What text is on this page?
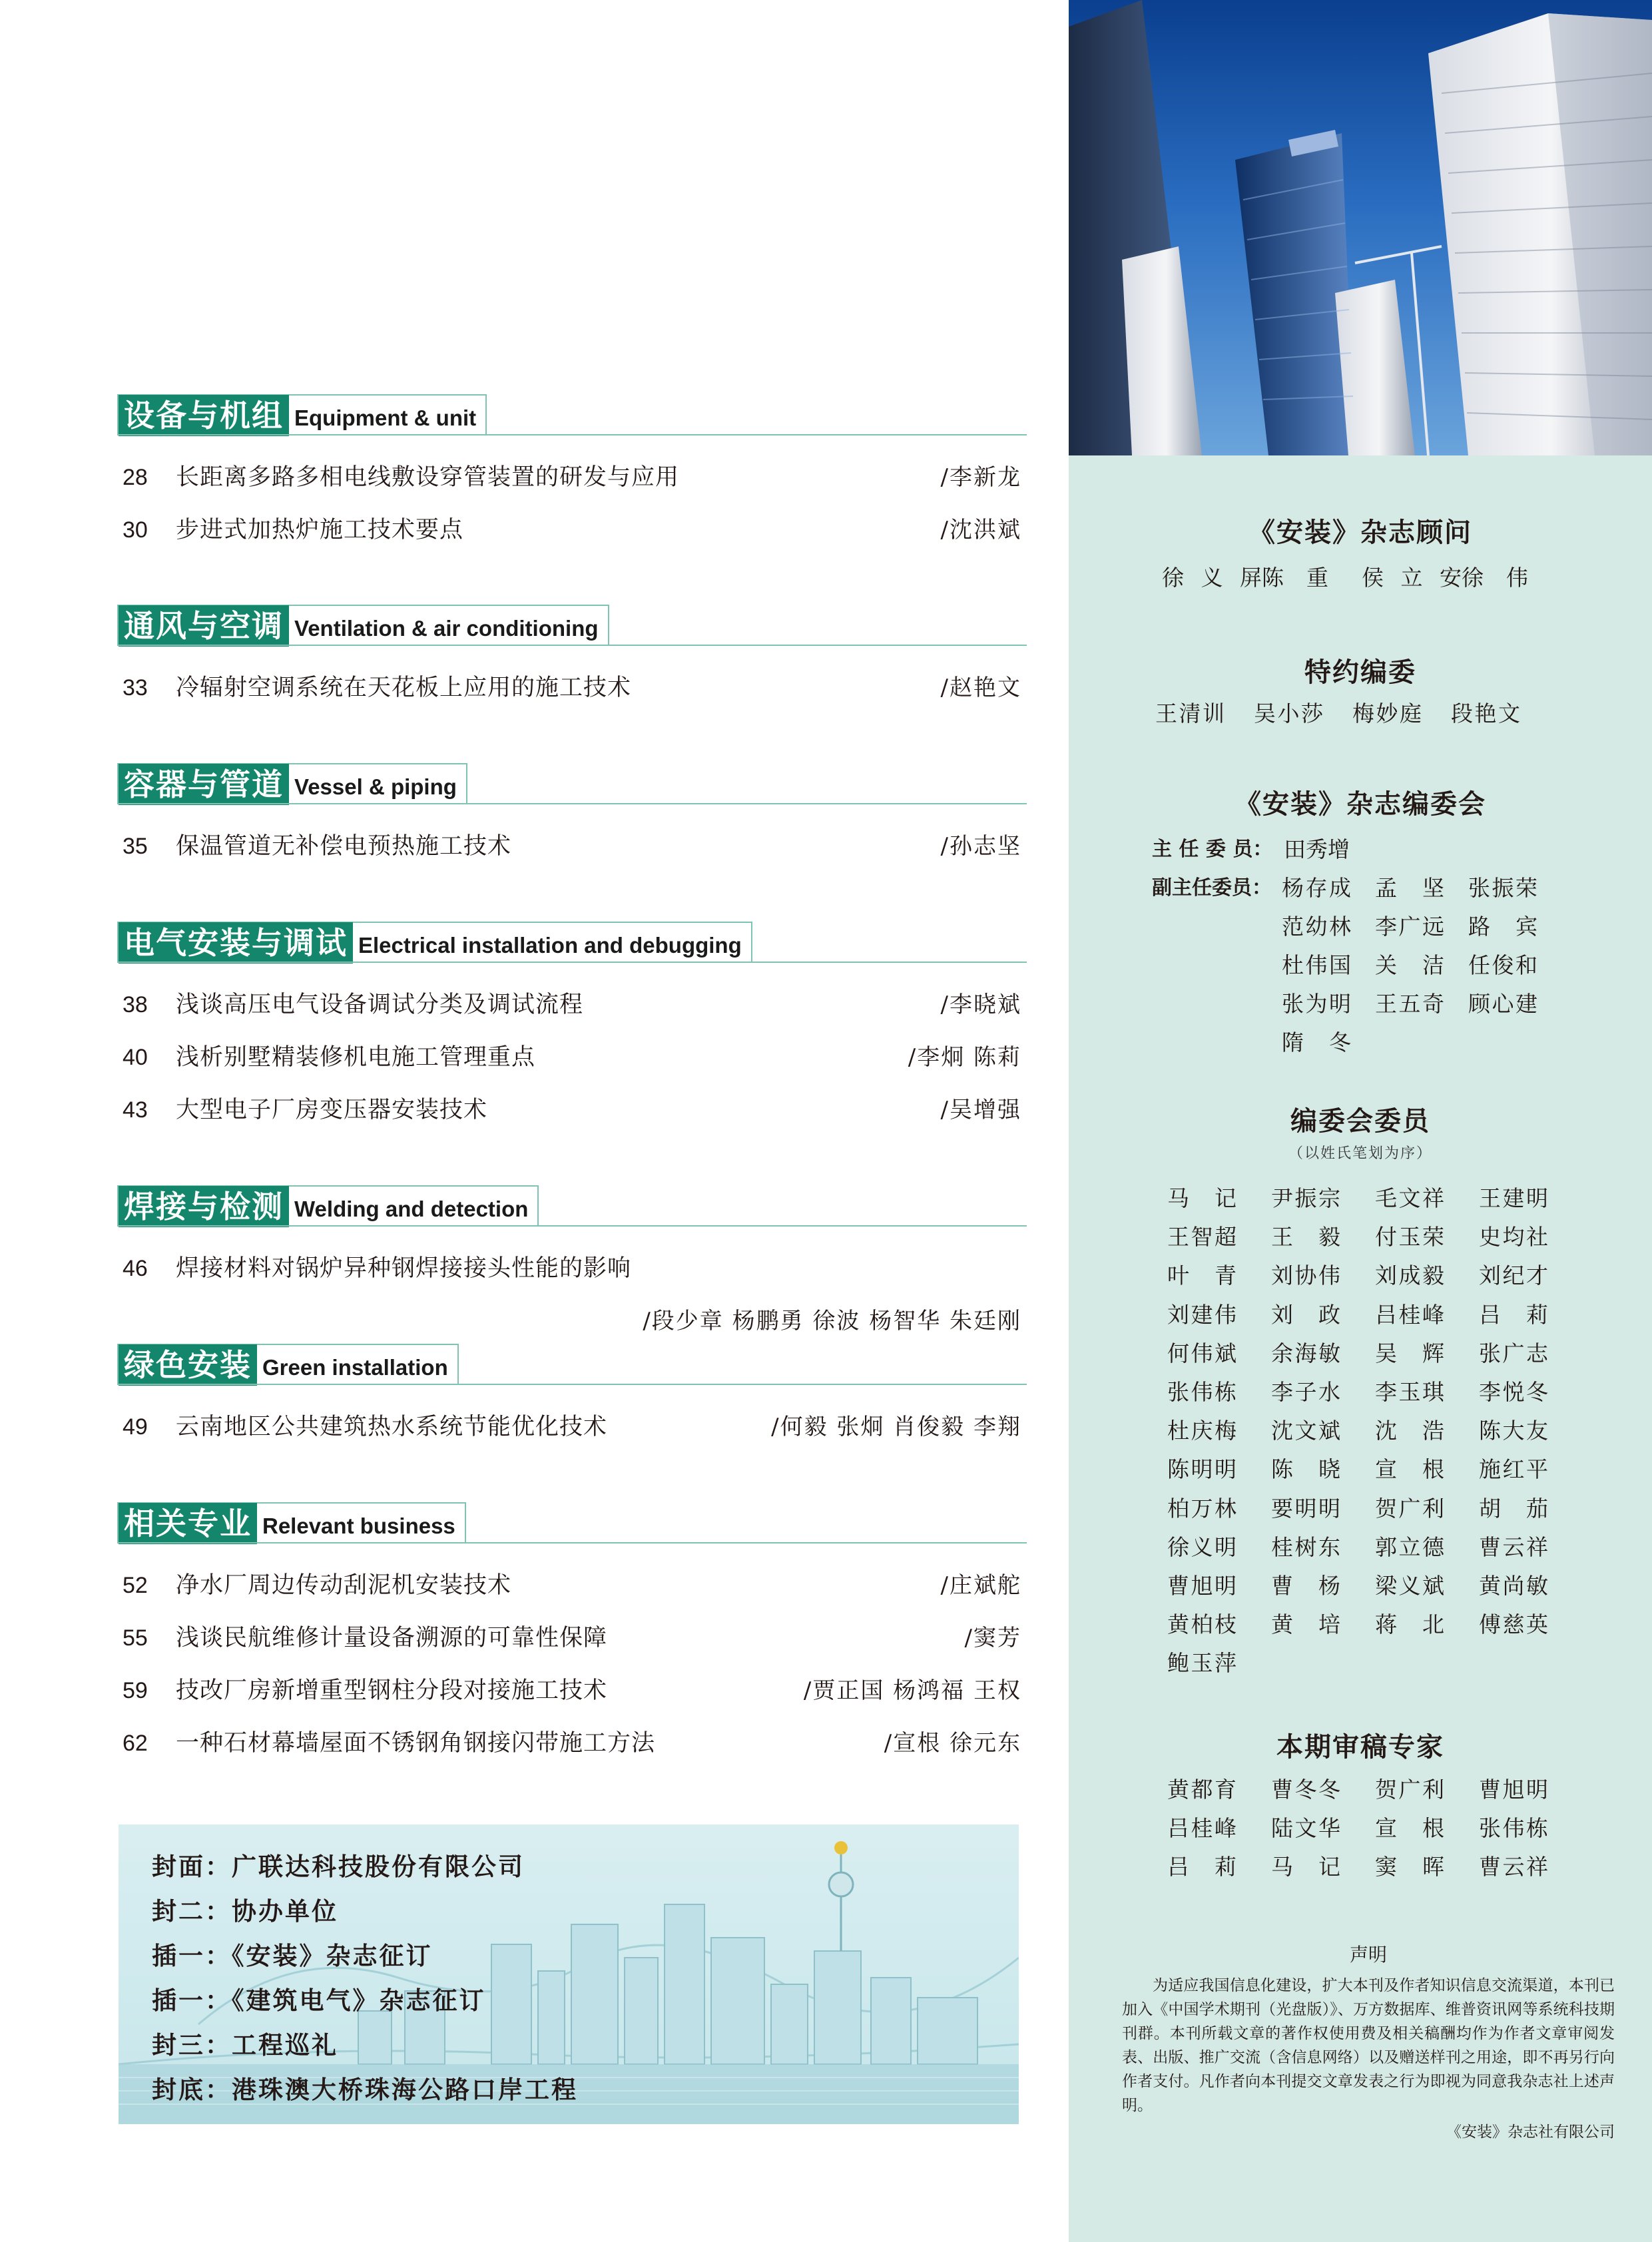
设备与机组 Equipment & unit
28 长距离多路多相电线敷设穿管装置的研发与应用	/李新龙
30 步进式加热炉施工技术要点	/沈洪斌
通风与空调 Ventilation & air conditioning
33 冷辐射空调系统在天花板上应用的施工技术	/赵艳文
容器与管道 Vessel & piping
35 保温管道无补偿电预热施工技术	/孙志坚
电气安装与调试 Electrical installation and debugging
38 浅谈高压电气设备调试分类及调试流程	/李晓斌
40 浅析别墅精装修机电施工管理重点	/李炯 陈莉
43 大型电子厂房变压器安装技术	/吴增强
焊接与检测 Welding and detection
46 焊接材料对锅炉异种钢焊接接头性能的影响
/段少章 杨鹏勇 徐波 杨智华 朱廷刚
绿色安装 Green installation
49 云南地区公共建筑热水系统节能优化技术	/何毅 张炯 肖俊毅 李翔
相关专业 Relevant business
52 净水厂周边传动刮泥机安装技术	/庄斌舵
55 浅谈民航维修计量设备溯源的可靠性保障	/窦芳
59 技改厂房新增重型钢柱分段对接施工技术	/贾正国 杨鸿福 王权
62 一种石材幕墙屋面不锈钢角钢接闪带施工方法	/宣根 徐元东
封面：广联达科技股份有限公司
封二：协办单位
插一：《安装》杂志征订
插一：《建筑电气》杂志征订
封三：工程巡礼
封底：港珠澳大桥珠海公路口岸工程
《安装》杂志顾问
徐义屏 陈　重 侯立安 徐　伟
特约编委
王清训 吴小莎 梅妙庭 段艳文
《安装》杂志编委会
主 任 委 员： 田秀增
副主任委员： 杨存成 孟　坚 张振荣
范幼林 李广远 路　宾
杜伟国 关　洁 任俊和
张为明 王五奇 顾心建
隋　冬
编委会委员
（以姓氏笔划为序）
马　记 尹振宗 毛文祥 王建明
王智超 王　毅 付玉荣 史均社
叶　青 刘协伟 刘成毅 刘纪才
刘建伟 刘　政 吕桂峰 吕　莉
何伟斌 余海敏 吴　辉 张广志
张伟栋 李子水 李玉琪 李悦冬
杜庆梅 沈文斌 沈　浩 陈大友
陈明明 陈　晓 宣　根 施红平
柏万林 要明明 贺广利 胡　茄
徐义明 桂树东 郭立德 曹云祥
曹旭明 曹　杨 梁义斌 黄尚敏
黄柏枝 黄　培 蒋　北 傅慈英
鲍玉萍
本期审稿专家
黄都育 曹冬冬 贺广利 曹旭明
吕桂峰 陆文华 宣　根 张伟栋
吕　莉 马　记 窦　晖 曹云祥
声明
为适应我国信息化建设，扩大本刊及作者知识信息交流渠道，本刊已加入《中国学术期刊（光盘版）》、万方数据库、维普资讯网等系统科技期刊群。本刊所载文章的著作权使用费及相关稿酬均作为作者文章审阅发表、出版、推广交流（含信息网络）以及赠送样刊之用途，即不再另行向作者支付。凡作者向本刊提交文章发表之行为即视为同意我杂志社上述声明。
《安装》杂志社有限公司
